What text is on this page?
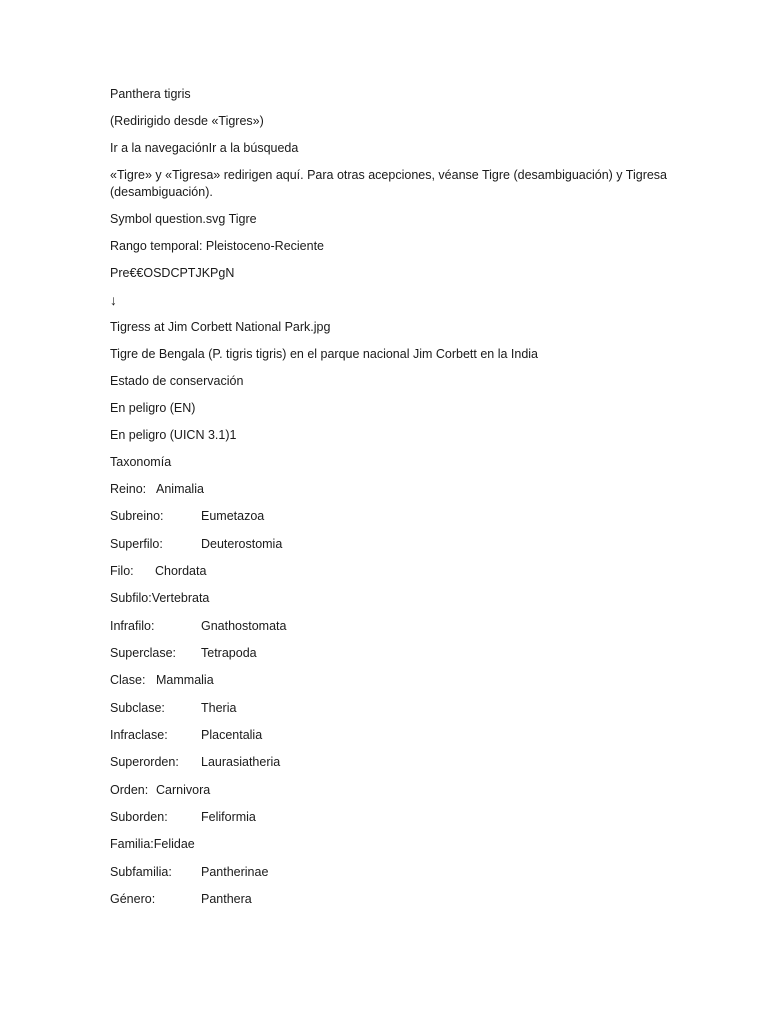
Panthera tigris

(Redirigido desde «Tigres»)

Ir a la navegaciónIr a la búsqueda

«Tigre» y «Tigresa» redirigen aquí. Para otras acepciones, véanse Tigre (desambiguación) y Tigresa (desambiguación).

Symbol question.svg Tigre

Rango temporal: Pleistoceno-Reciente

Pre€€OSDCPTJKPgN

↓

Tigress at Jim Corbett National Park.jpg

Tigre de Bengala (P. tigris tigris) en el parque nacional Jim Corbett en la India

Estado de conservación

En peligro (EN)

En peligro (UICN 3.1)1

Taxonomía

Reino: Animalia
Subreino:	Eumetazoa
Superfilo:	Deuterostomia
Filo: Chordata
Subfilo:Vertebrata
Infrafilo:	Gnathostomata
Superclase: Tetrapoda
Clase: Mammalia
Subclase:	Theria
Infraclase:	Placentalia
Superorden: Laurasiatheria
Orden: Carnivora
Suborden:	Feliformia
Familia:Felidae
Subfamilia: Pantherinae
Género:	Panthera
